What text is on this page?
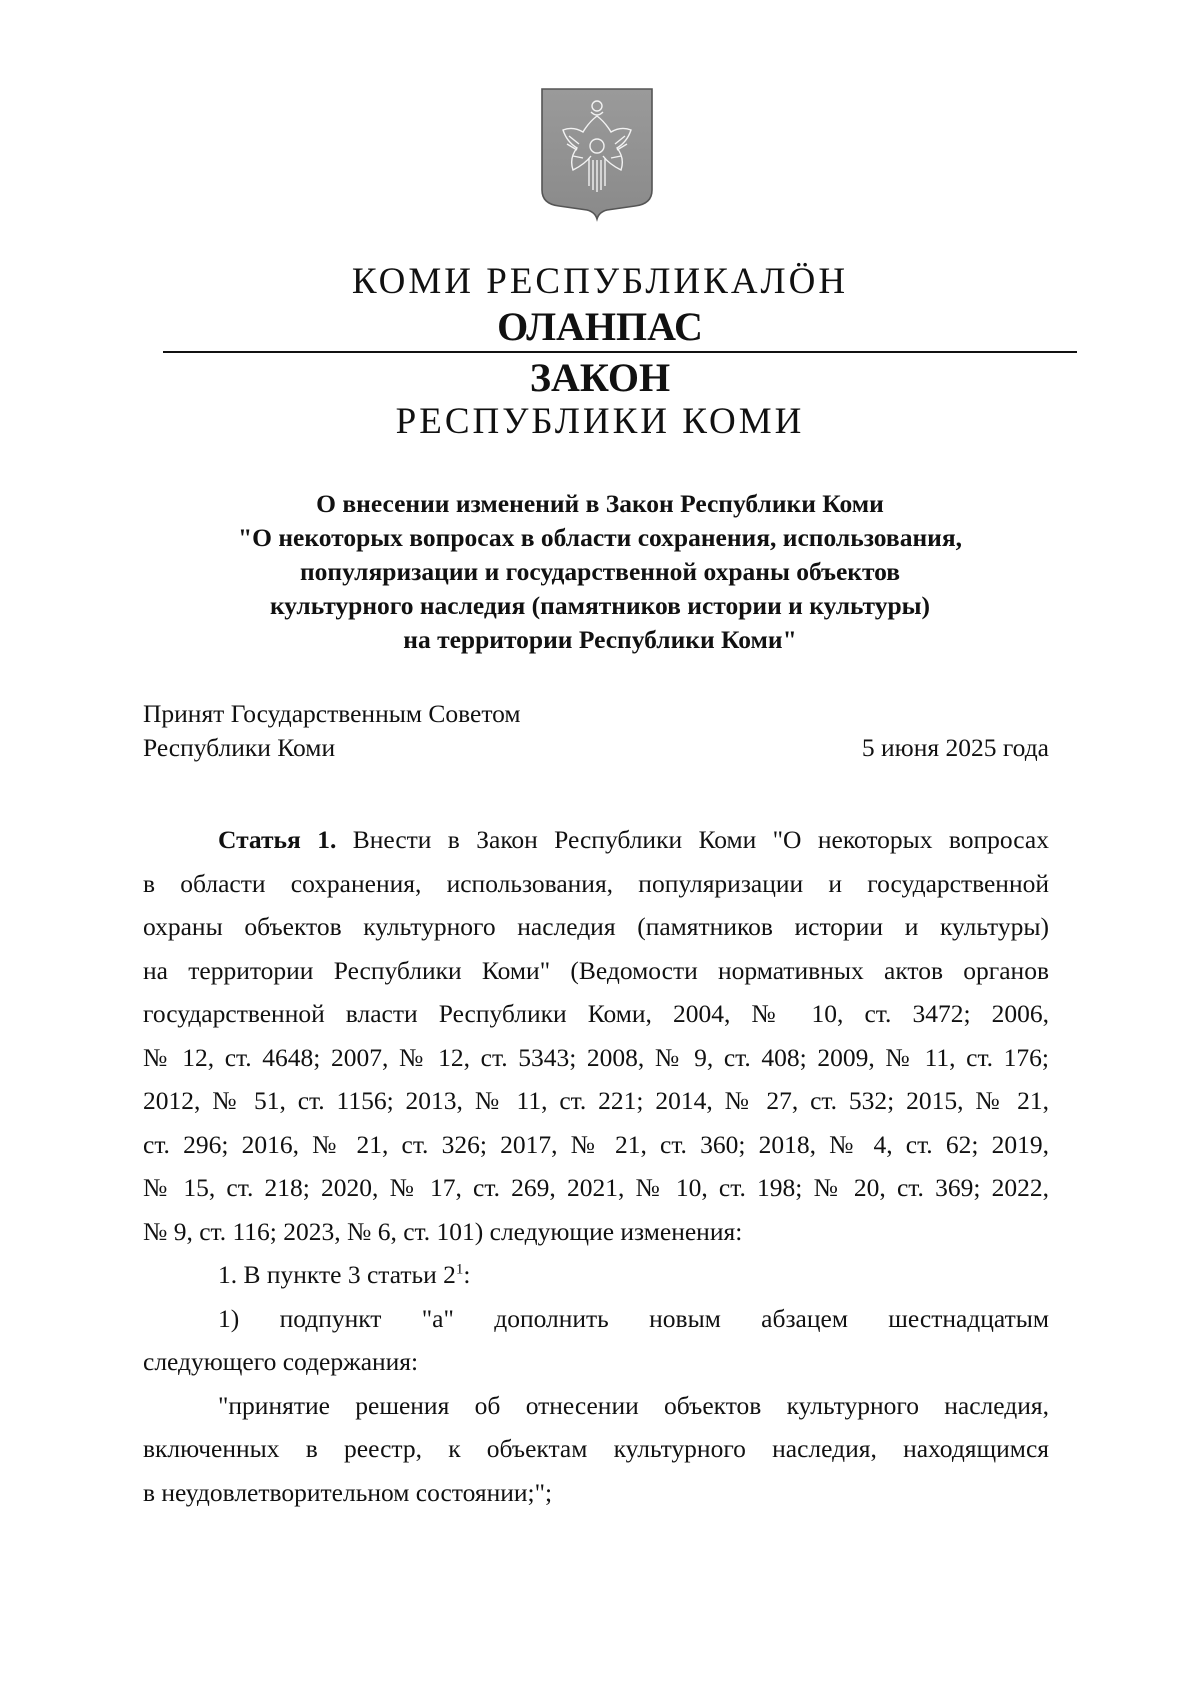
КОМИ РЕСПУБЛИКАЛÖН
ОЛАНПАС
ЗАКОН
РЕСПУБЛИКИ КОМИ
О внесении изменений в Закон Республики Коми
"О некоторых вопросах в области сохранения, использования,
популяризации и государственной охраны объектов
культурного наследия (памятников истории и культуры)
на территории Республики Коми"
Принят Государственным Советом
Республики Коми	5 июня 2025 года
Статья 1. Внести в Закон Республики Коми "О некоторых вопросах
в области сохранения, использования, популяризации и государственной
охраны объектов культурного наследия (памятников истории и культуры)
на территории Республики Коми" (Ведомости нормативных актов органов
государственной власти Республики Коми, 2004, № 10, ст. 3472; 2006,
№ 12, ст. 4648; 2007, № 12, ст. 5343; 2008, № 9, ст. 408; 2009, № 11, ст. 176;
2012, № 51, ст. 1156; 2013, № 11, ст. 221; 2014, № 27, ст. 532; 2015, № 21,
ст. 296; 2016, № 21, ст. 326; 2017, № 21, ст. 360; 2018, № 4, ст. 62; 2019,
№ 15, ст. 218; 2020, № 17, ст. 269, 2021, № 10, ст. 198; № 20, ст. 369; 2022,
№ 9, ст. 116; 2023, № 6, ст. 101) следующие изменения:
1. В пункте 3 статьи $2^1$:
1) подпункт "а" дополнить новым абзацем шестнадцатым
следующего содержания:
"принятие решения об отнесении объектов культурного наследия,
включенных в реестр, к объектам культурного наследия, находящимся
в неудовлетворительном состоянии;";
